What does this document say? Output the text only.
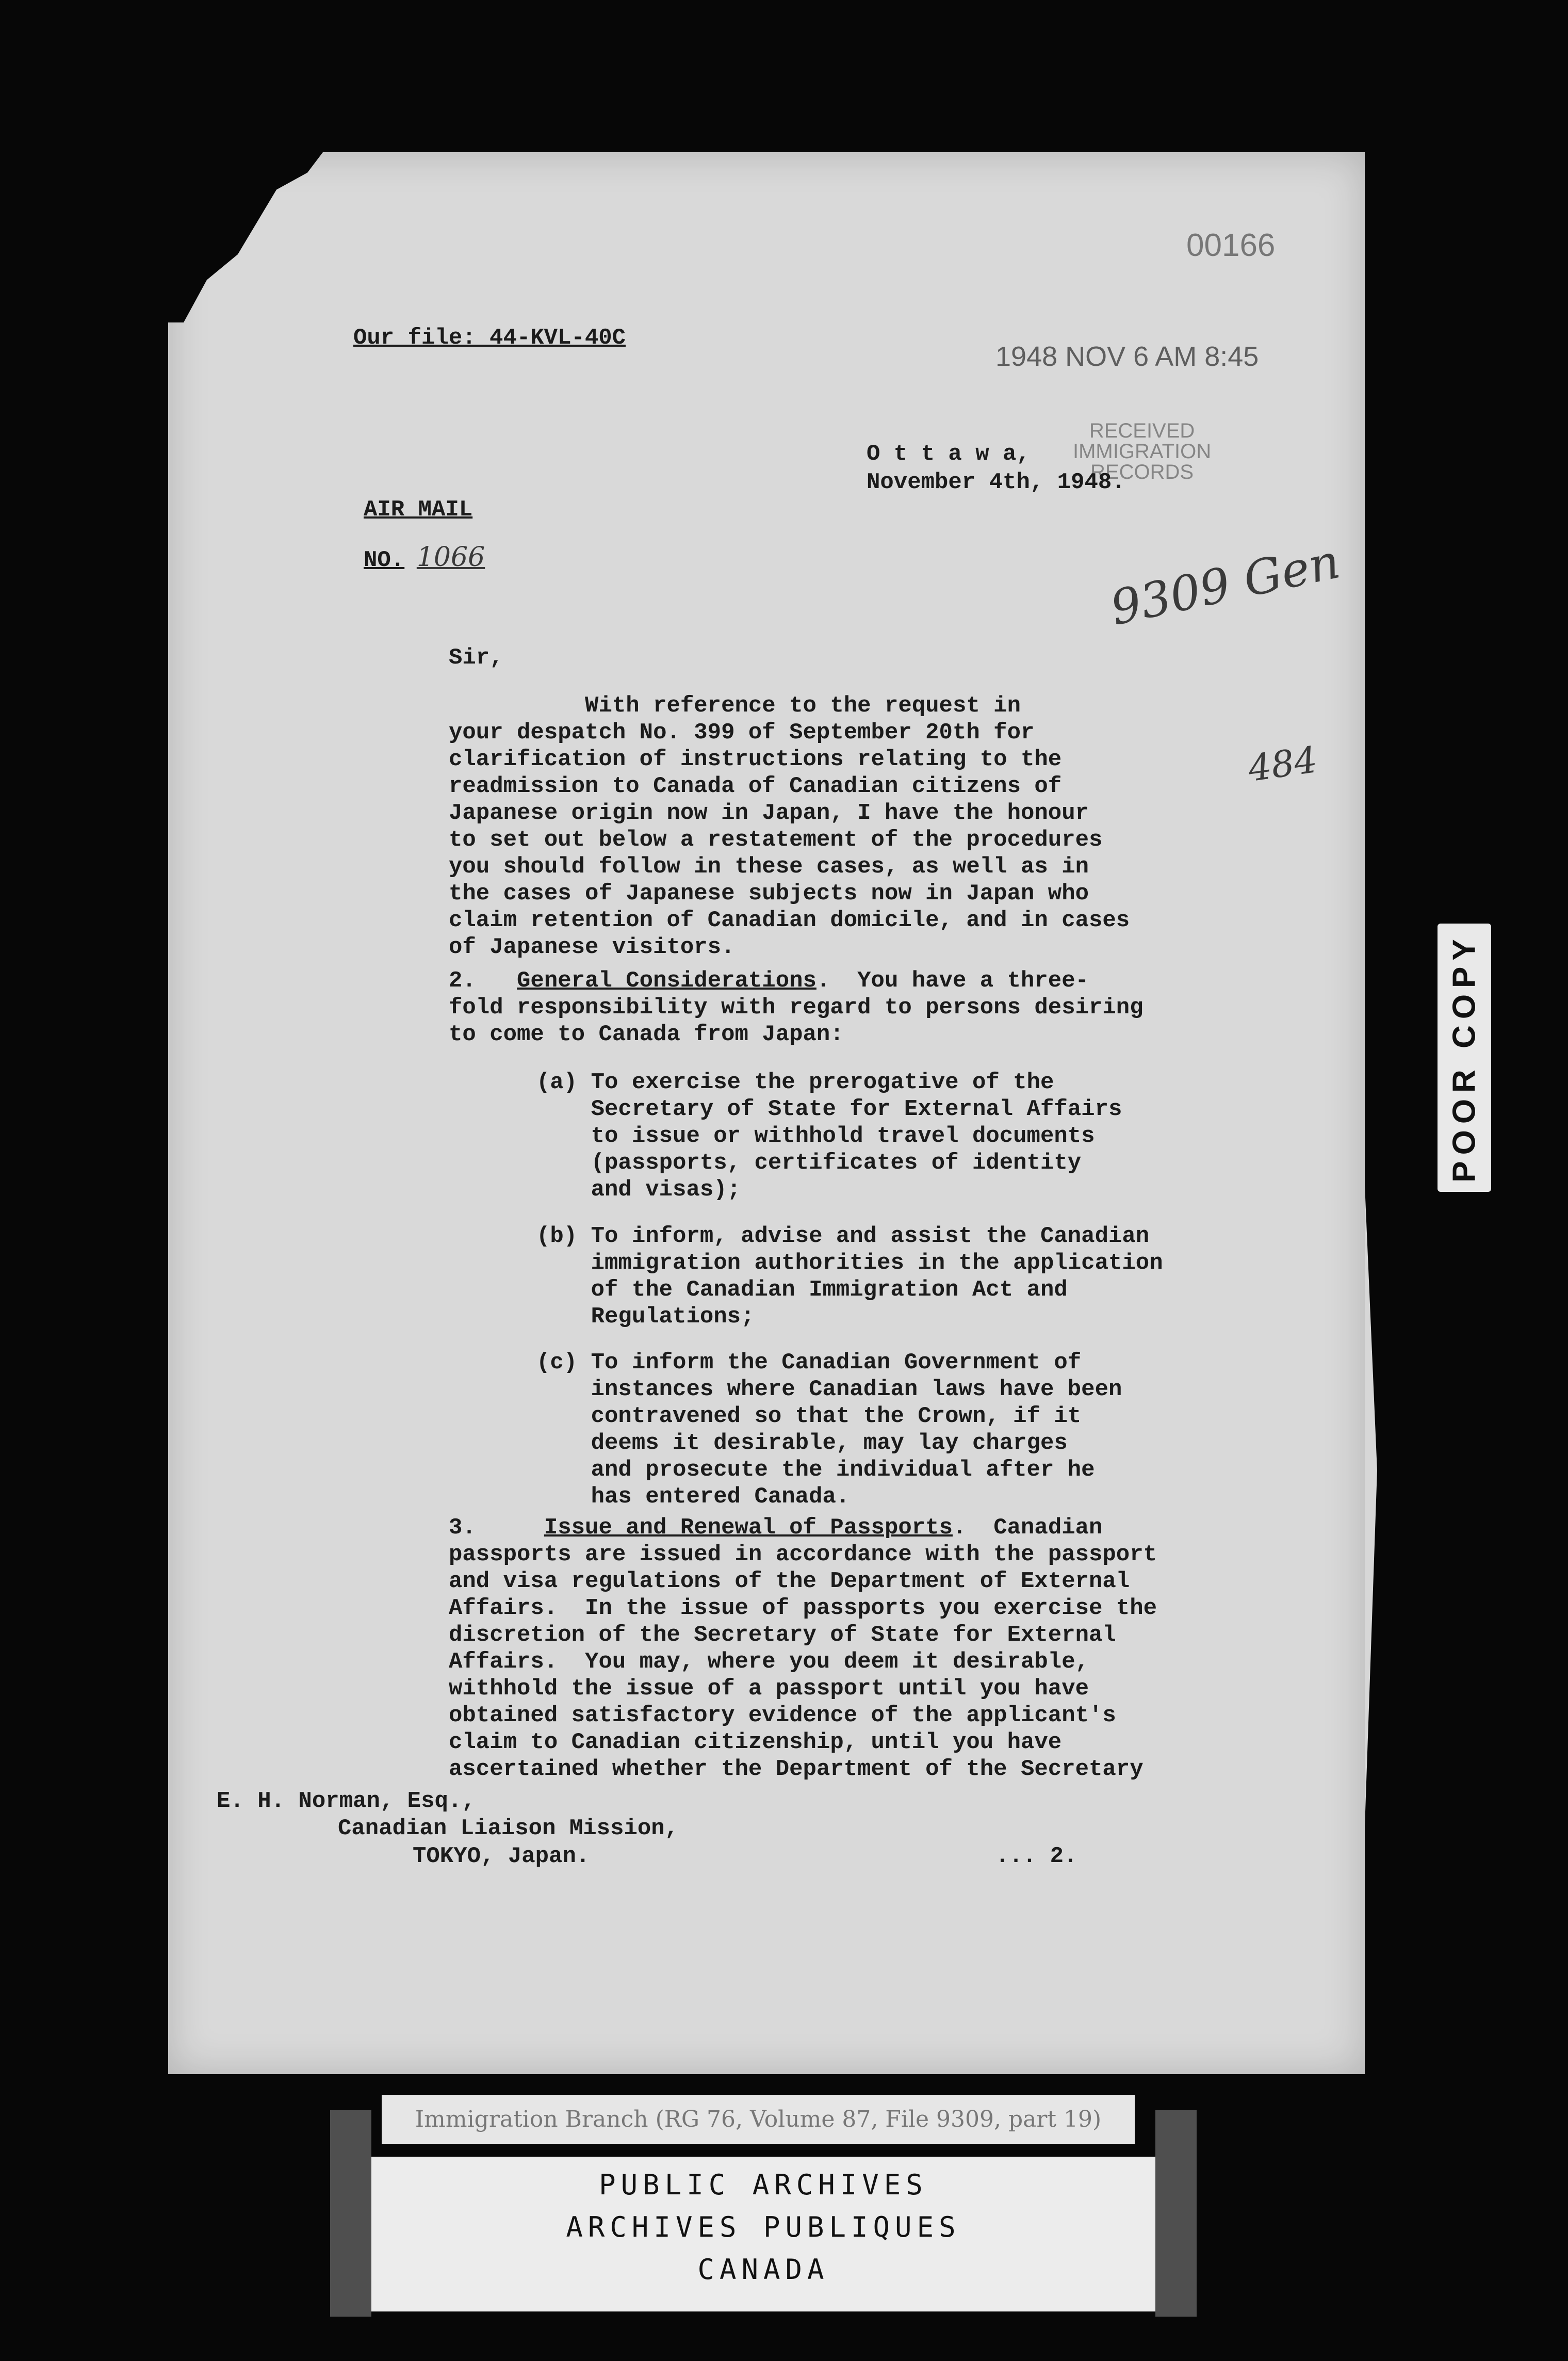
00166
Our file: 44-KVL-40C
1948 NOV 6 AM 8:45
RECEIVED
IMMIGRATION
RECORDS
O t t a w a,
November 4th, 1948.
AIR MAIL
NO. 1066	9309 Gen
484
Sir,
With reference to the request in
your despatch No. 399 of September 20th for
clarification of instructions relating to the
readmission to Canada of Canadian citizens of
Japanese origin now in Japan, I have the honour
to set out below a restatement of the procedures
you should follow in these cases, as well as in
the cases of Japanese subjects now in Japan who
claim retention of Canadian domicile, and in cases
of Japanese visitors.
2. General Considerations.  You have a three-
fold responsibility with regard to persons desiring
to come to Canada from Japan:
(a) To exercise the prerogative of the
Secretary of State for External Affairs
to issue or withhold travel documents
(passports, certificates of identity
and visas);
(b) To inform, advise and assist the Canadian
immigration authorities in the application
of the Canadian Immigration Act and
Regulations;
(c) To inform the Canadian Government of
instances where Canadian laws have been
contravened so that the Crown, if it
deems it desirable, may lay charges
and prosecute the individual after he
has entered Canada.
3.	Issue and Renewal of Passports.  Canadian
passports are issued in accordance with the passport
and visa regulations of the Department of External
Affairs.  In the issue of passports you exercise the
discretion of the Secretary of State for External
Affairs.  You may, where you deem it desirable,
withhold the issue of a passport until you have
obtained satisfactory evidence of the applicant's
claim to Canadian citizenship, until you have
ascertained whether the Department of the Secretary
E. H. Norman, Esq.,
Canadian Liaison Mission,
TOKYO, Japan.	... 2.
POOR COPY
Immigration Branch (RG 76, Volume 87, File 9309, part 19)
PUBLIC ARCHIVES
ARCHIVES PUBLIQUES
CANADA
